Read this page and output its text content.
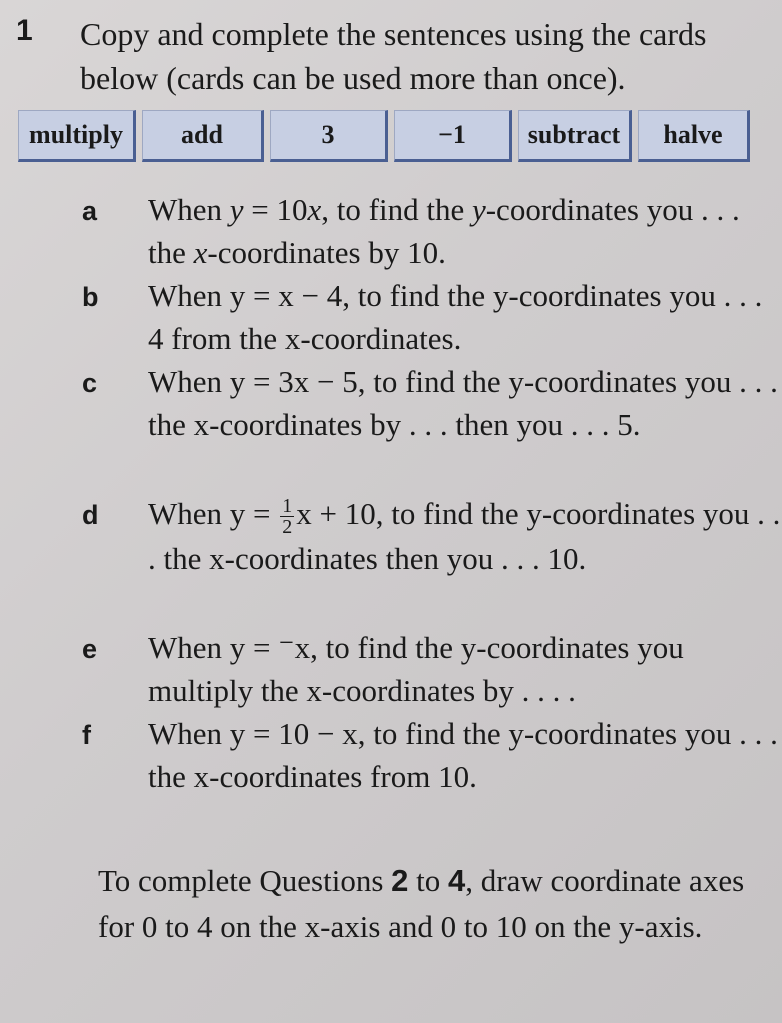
1 Copy and complete the sentences using the cards below (cards can be used more than once).
multiply	add	3	−1	subtract	halve
a When y = 10x, to find the y-coordinates you . . . the x-coordinates by 10.
b When y = x − 4, to find the y-coordinates you . . . 4 from the x-coordinates.
c When y = 3x − 5, to find the y-coordinates you . . . the x-coordinates by . . . then you . . . 5.
d When $y = \frac{1}{2}$ x + 10, to find the y-coordinates you . . . the x-coordinates then you . . . 10.
e When y = ⁻x, to find the y-coordinates you multiply the x-coordinates by . . . .
f When y = 10 − x, to find the y-coordinates you . . . the x-coordinates from 10.
To complete Questions 2 to 4, draw coordinate axes for 0 to 4 on the x-axis and 0 to 10 on the y-axis.
